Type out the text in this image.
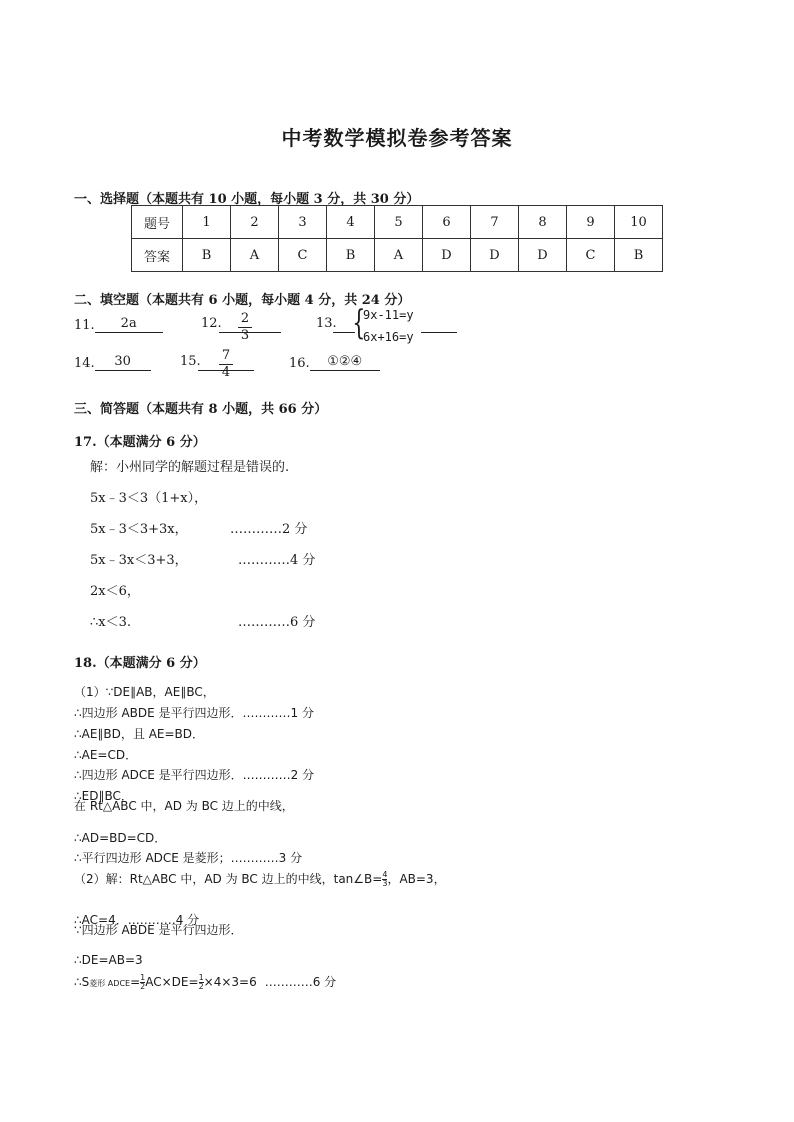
中考数学模拟卷参考答案
一、选择题（本题共有 10 小题，每小题 3 分，共 30 分）
题号	1	2	3	4	5	6	7	8	9	10
答案	B	A	C	B	A	D	D	D	C	B
二、填空题（本题共有 6 小题，每小题 4 分，共 24 分）
11. 2a	12. $\frac{2}{3}$	13. {
9x-11=y
6x+16=y
14. 30	15. $\frac{7}{4}$	16. ①②④
三、简答题（本题共有 8 小题，共 66 分）
17.（本题满分 6 分）
解：小州同学的解题过程是错误的.
5x﹣3＜3（1+x），
5x﹣3＜3+3x，	…………2 分
5x﹣3x＜3+3，	…………4 分
2x＜6，
∴x＜3.	…………6 分
18.（本题满分 6 分）
（1）∵DE∥AB，AE∥BC，
∴四边形 ABDE 是平行四边形．…………1 分
∴AE∥BD，且 AE=BD．
∴AE=CD．
∴四边形 ADCE 是平行四边形．…………2 分
∴ED∥BC．
在 Rt△ABC 中，AD 为 BC 边上的中线，
∴AD=BD=CD．
∴平行四边形 ADCE 是菱形；…………3 分
（2）解：Rt△ABC 中，AD 为 BC 边上的中线，tan∠B= $\frac{4}{3}$ ，AB=3，
∴AC=4．…………4 分
∵四边形 ABDE 是平行四边形．
∴DE=AB=3
∴S菱形 ADCE= $\frac{1}{2} AC\times DE= \frac{1}{2} \times 4\times 3=6$ …………6 分
